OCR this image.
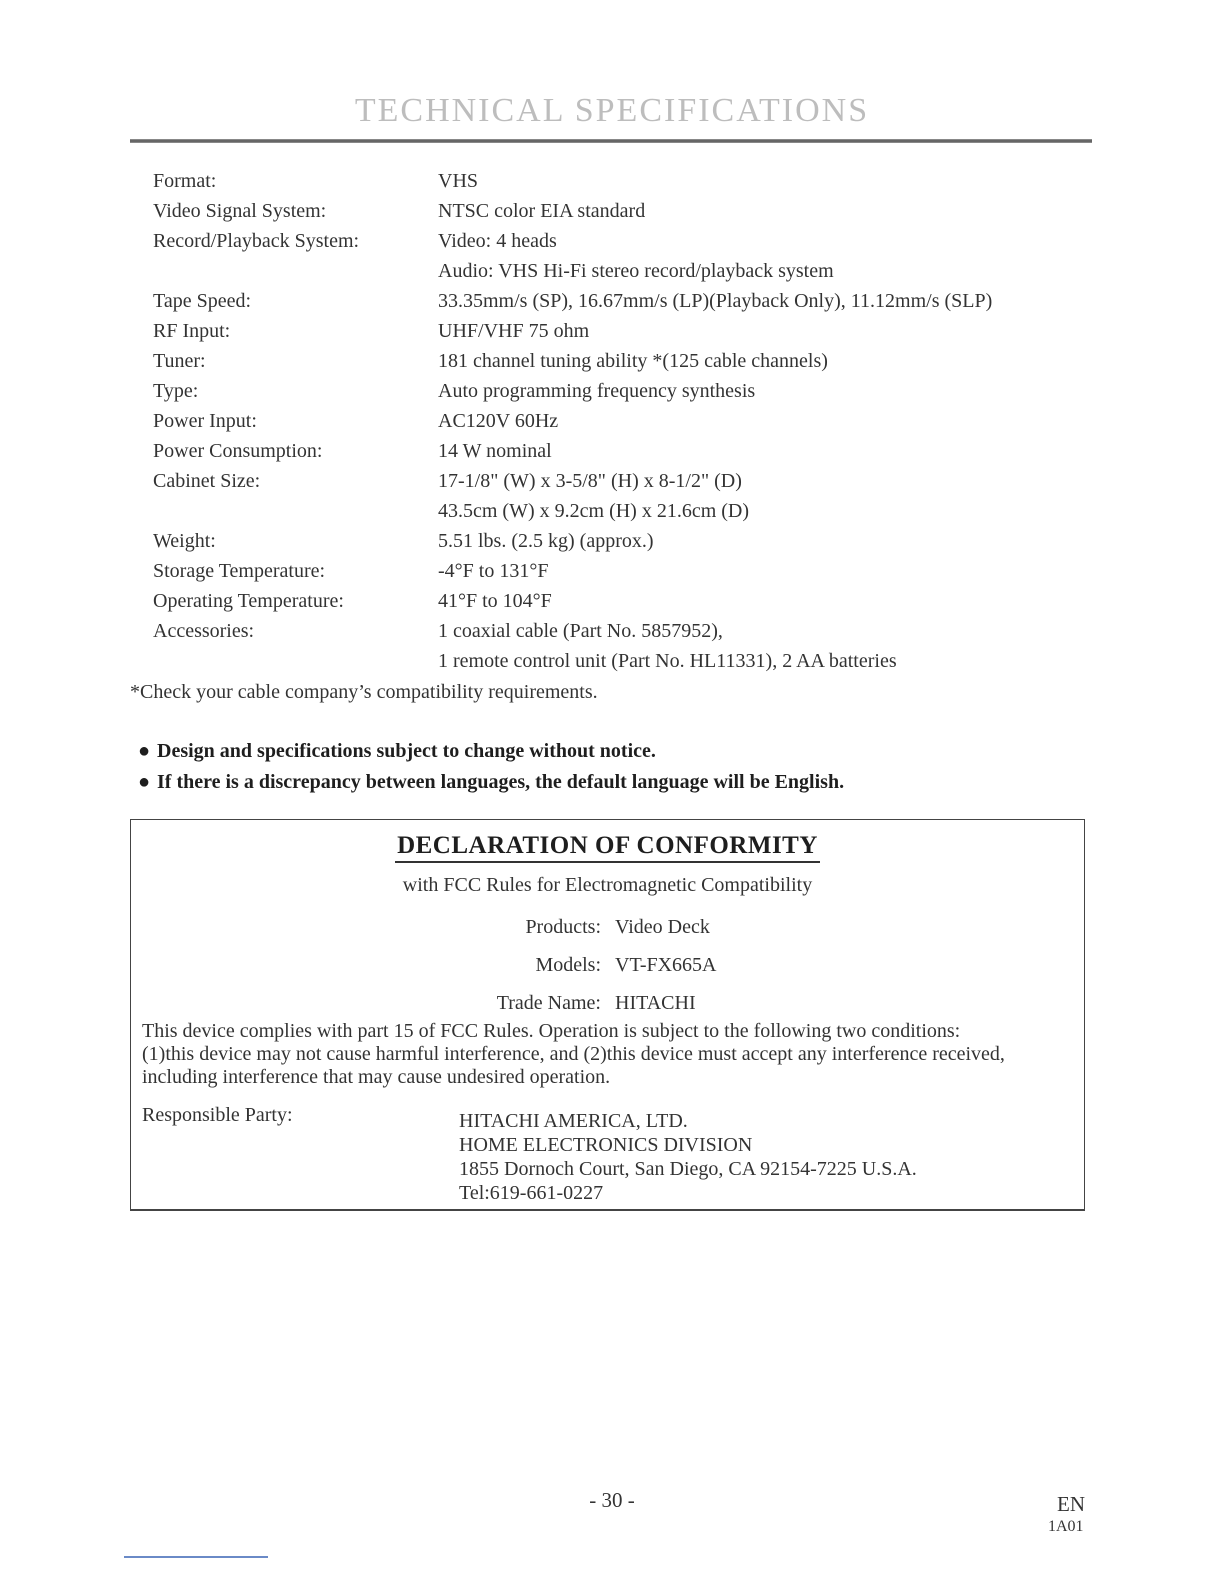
TECHNICAL SPECIFICATIONS
Format:	VHS
Video Signal System:	NTSC color EIA standard
Record/Playback System:	Video: 4 heads
Audio: VHS Hi-Fi stereo record/playback system
Tape Speed:	33.35mm/s (SP), 16.67mm/s (LP)(Playback Only), 11.12mm/s (SLP)
RF Input:	UHF/VHF 75 ohm
Tuner:	181 channel tuning ability *(125 cable channels)
Type:	Auto programming frequency synthesis
Power Input:	AC120V 60Hz
Power Consumption:	14 W nominal
Cabinet Size:	17-1/8" (W) x 3-5/8" (H) x 8-1/2" (D)
43.5cm (W) x 9.2cm (H) x 21.6cm (D)
Weight:	5.51 lbs. (2.5 kg) (approx.)
Storage Temperature:	-4°F to 131°F
Operating Temperature:	41°F to 104°F
Accessories:	1 coaxial cable (Part No. 5857952),
1 remote control unit (Part No. HL11331), 2 AA batteries
*Check your cable company’s compatibility requirements.
● Design and specifications subject to change without notice.
● If there is a discrepancy between languages, the default language will be English.
DECLARATION OF CONFORMITY
with FCC Rules for Electromagnetic Compatibility
Products: Video Deck
Models: VT-FX665A
Trade Name: HITACHI

This device complies with part 15 of FCC Rules. Operation is subject to the following two conditions:

(1)this device may not cause harmful interference, and (2)this device must accept any interference received,

including interference that may cause undesired operation.

Responsible Party:	HITACHI AMERICA, LTD.
HOME ELECTRONICS DIVISION
1855 Dornoch Court, San Diego, CA 92154-7225 U.S.A.
Tel:619-661-0227
- 30 -	EN
1A01
